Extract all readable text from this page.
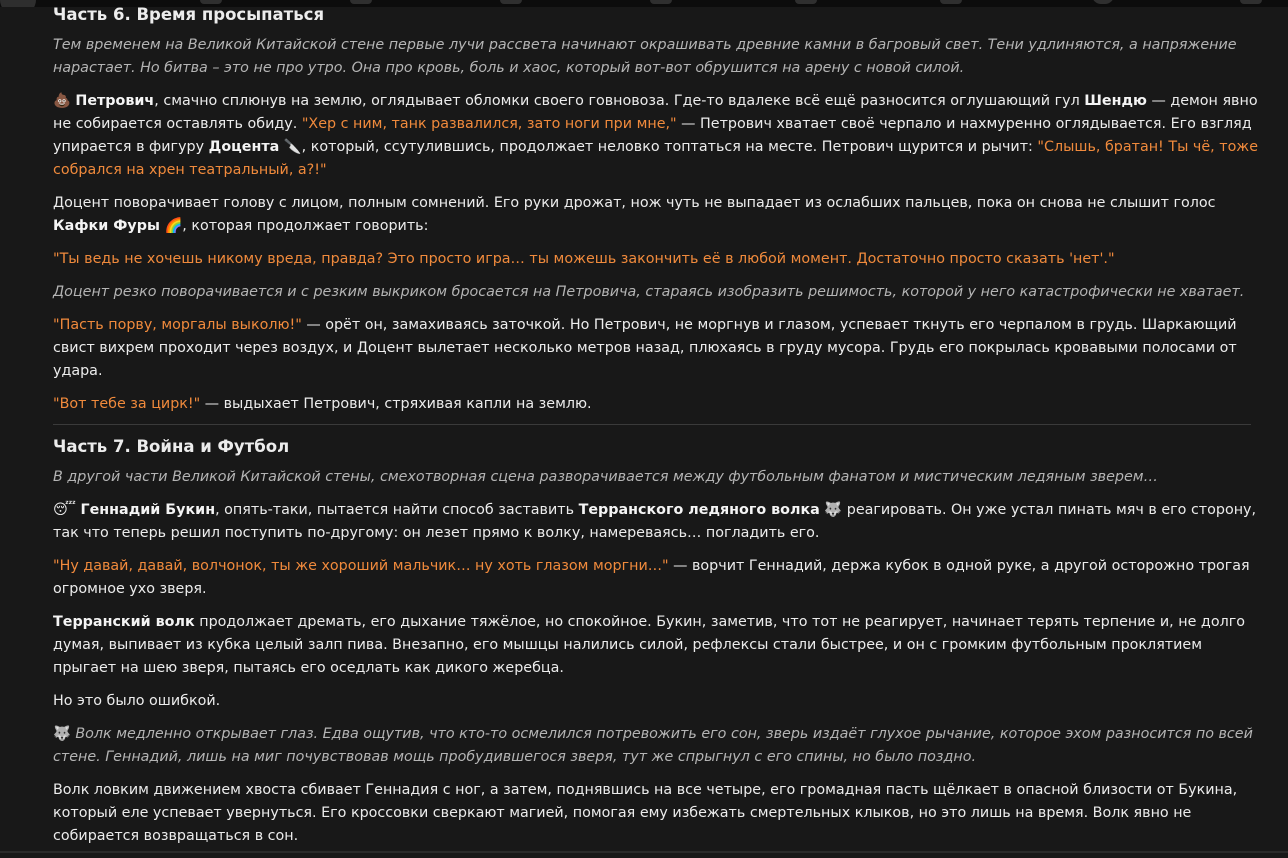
Часть 6. Время просыпаться

Тем временем на Великой Китайской стене первые лучи рассвета начинают окрашивать древние камни в багровый свет. Тени удлиняются, а напряжение нарастает. Но битва – это не про утро. Она про кровь, боль и хаос, который вот-вот обрушится на арену с новой силой.

💩 Петрович, смачно сплюнув на землю, оглядывает обломки своего говновоза. Где-то вдалеке всё ещё разносится оглушающий гул Шендю — демон явно не собирается оставлять обиду. "Хер с ним, танк развалился, зато ноги при мне," — Петрович хватает своё черпало и нахмуренно оглядывается. Его взгляд упирается в фигуру Доцента 🔪, который, ссутулившись, продолжает неловко топтаться на месте. Петрович щурится и рычит: "Слышь, братан! Ты чё, тоже собрался на хрен театральный, а?!"

Доцент поворачивает голову с лицом, полным сомнений. Его руки дрожат, нож чуть не выпадает из ослабших пальцев, пока он снова не слышит голос Кафки Фуры 🌈, которая продолжает говорить:

"Ты ведь не хочешь никому вреда, правда? Это просто игра… ты можешь закончить её в любой момент. Достаточно просто сказать 'нет'."

Доцент резко поворачивается и с резким выкриком бросается на Петровича, стараясь изобразить решимость, которой у него катастрофически не хватает.

"Пасть порву, моргалы выколю!" — орёт он, замахиваясь заточкой. Но Петрович, не моргнув и глазом, успевает ткнуть его черпалом в грудь. Шаркающий свист вихрем проходит через воздух, и Доцент вылетает несколько метров назад, плюхаясь в груду мусора. Грудь его покрылась кровавыми полосами от удара.

"Вот тебе за цирк!" — выдыхает Петрович, стряхивая капли на землю.

Часть 7. Война и Футбол

В другой части Великой Китайской стены, смехотворная сцена разворачивается между футбольным фанатом и мистическим ледяным зверем…

😴 Геннадий Букин, опять-таки, пытается найти способ заставить Терранского ледяного волка 🐺 реагировать. Он уже устал пинать мяч в его сторону, так что теперь решил поступить по-другому: он лезет прямо к волку, намереваясь… погладить его.

"Ну давай, давай, волчонок, ты же хороший мальчик… ну хоть глазом моргни…" — ворчит Геннадий, держа кубок в одной руке, а другой осторожно трогая огромное ухо зверя.

Терранский волк продолжает дремать, его дыхание тяжёлое, но спокойное. Букин, заметив, что тот не реагирует, начинает терять терпение и, не долго думая, выпивает из кубка целый залп пива. Внезапно, его мышцы налились силой, рефлексы стали быстрее, и он с громким футбольным проклятием прыгает на шею зверя, пытаясь его оседлать как дикого жеребца.

Но это было ошибкой.

🐺 Волк медленно открывает глаз. Едва ощутив, что кто-то осмелился потревожить его сон, зверь издаёт глухое рычание, которое эхом разносится по всей стене. Геннадий, лишь на миг почувствовав мощь пробудившегося зверя, тут же спрыгнул с его спины, но было поздно.

Волк ловким движением хвоста сбивает Геннадия с ног, а затем, поднявшись на все четыре, его громадная пасть щёлкает в опасной близости от Букина, который еле успевает увернуться. Его кроссовки сверкают магией, помогая ему избежать смертельных клыков, но это лишь на время. Волк явно не собирается возвращаться в сон.
